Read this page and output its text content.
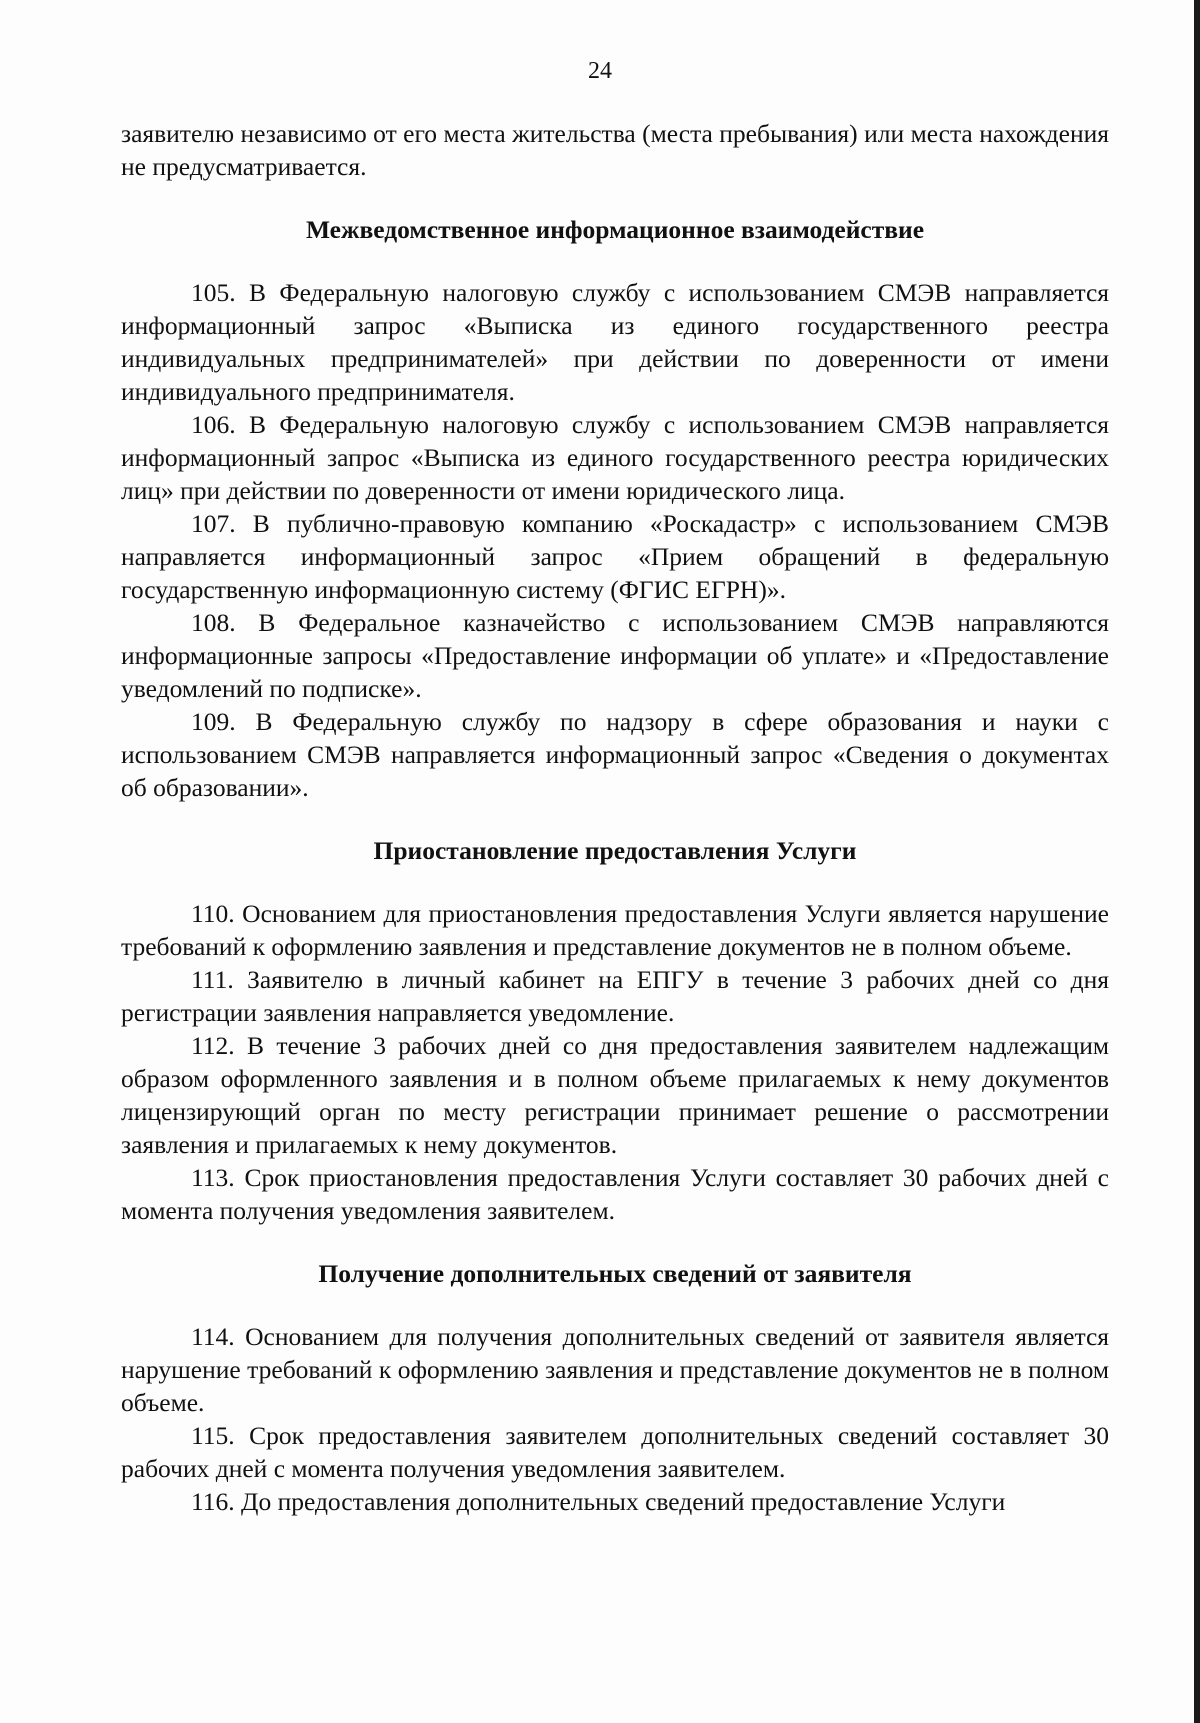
24

заявителю независимо от его места жительства (места пребывания) или места нахождения не предусматривается.

Межведомственное информационное взаимодействие

105. В Федеральную налоговую службу с использованием СМЭВ направляется информационный запрос «Выписка из единого государственного реестра индивидуальных предпринимателей» при действии по доверенности от имени индивидуального предпринимателя.

106. В Федеральную налоговую службу с использованием СМЭВ направляется информационный запрос «Выписка из единого государственного реестра юридических лиц» при действии по доверенности от имени юридического лица.

107. В публично-правовую компанию «Роскадастр» с использованием СМЭВ направляется информационный запрос «Прием обращений в федеральную государственную информационную систему (ФГИС ЕГРН)».

108. В Федеральное казначейство с использованием СМЭВ направляются информационные запросы «Предоставление информации об уплате» и «Предоставление уведомлений по подписке».

109. В Федеральную службу по надзору в сфере образования и науки с использованием СМЭВ направляется информационный запрос «Сведения о документах об образовании».

Приостановление предоставления Услуги

110. Основанием для приостановления предоставления Услуги является нарушение требований к оформлению заявления и представление документов не в полном объеме.

111. Заявителю в личный кабинет на ЕПГУ в течение 3 рабочих дней со дня регистрации заявления направляется уведомление.

112. В течение 3 рабочих дней со дня предоставления заявителем надлежащим образом оформленного заявления и в полном объеме прилагаемых к нему документов лицензирующий орган по месту регистрации принимает решение о рассмотрении заявления и прилагаемых к нему документов.

113. Срок приостановления предоставления Услуги составляет 30 рабочих дней с момента получения уведомления заявителем.

Получение дополнительных сведений от заявителя

114. Основанием для получения дополнительных сведений от заявителя является нарушение требований к оформлению заявления и представление документов не в полном объеме.

115. Срок предоставления заявителем дополнительных сведений составляет 30 рабочих дней с момента получения уведомления заявителем.

116. До предоставления дополнительных сведений предоставление Услуги
